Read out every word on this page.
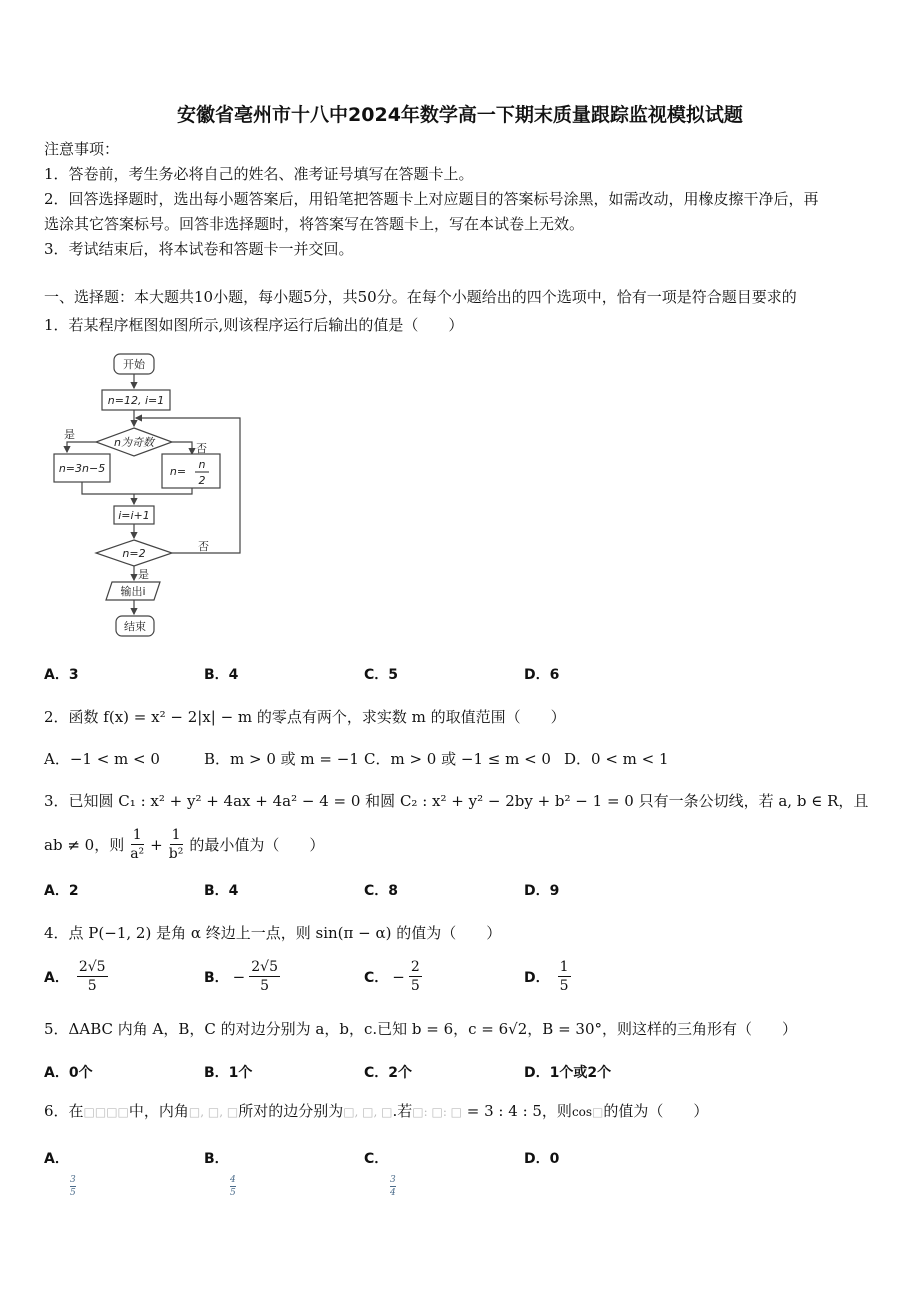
安徽省亳州市十八中2024年数学高一下期末质量跟踪监视模拟试题
注意事项：
1．答卷前，考生务必将自己的姓名、准考证号填写在答题卡上。
2．回答选择题时，选出每小题答案后，用铅笔把答题卡上对应题目的答案标号涂黑，如需改动，用橡皮擦干净后，再
选涂其它答案标号。回答非选择题时，将答案写在答题卡上，写在本试卷上无效。
3．考试结束后，将本试卷和答题卡一并交回。
一、选择题：本大题共10小题，每小题5分，共50分。在每个小题给出的四个选项中，恰有一项是符合题目要求的
1．若某程序框图如图所示,则该程序运行后输出的值是（　　）
开始
n=12, i=1
n为奇数
是
否
n=3n−5	n=
n
2
i=i+1
n=2
否
是
输出i
结束
A．3	B．4	C．5	D．6
2．函数 f(x) = x² − 2|x| − m 的零点有两个，求实数 m 的取值范围（　　）
A．−1 < m < 0	B．m > 0 或 m = −1 C．m > 0 或 −1 ≤ m < 0 D．0 < m < 1
3．已知圆 C₁ : x² + y² + 4ax + 4a² − 4 = 0 和圆 C₂ : x² + y² − 2by + b² − 1 = 0 只有一条公切线，若 a, b ∈ R，且
ab ≠ 0，则 $\frac{1}{\text{a²}} + \frac{1}{\text{b²}}$ 的最小值为（　　）
A．2	B．4	C．8	D．9
4．点 P(−1, 2) 是角 α 终边上一点，则 sin(π − α) 的值为（　　）
A． $\frac{2√5}{5}$	B． − $\frac{2√5}{5}$	C． − $\frac{2}{5}$	D． $\frac{1}{5}$
5．ΔABC 内角 A，B，C 的对边分别为 a，b，c.已知 b = 6，c = 6√2，B = 30°，则这样的三角形有（　　）
A．0个	B．1个	C．2个	D．1个或2个
6．在□□□□中，内角□, □, □所对的边分别为□, □, □.若□: □: □ = 3 : 4 : 5，则cos□的值为（　　）
A．
$\frac{3}{5}$
B．
$\frac{4}{5}$
C．
$\frac{3}{4}$
D．0
